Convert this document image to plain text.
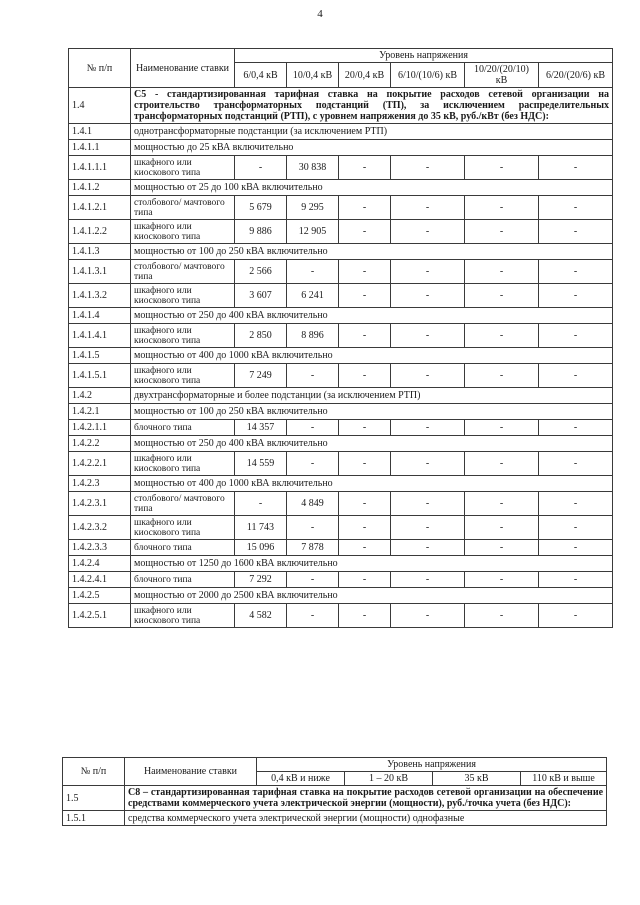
4
№ п/п	Наименование ставки	Уровень напряжения					
		6/0,4 кВ	10/0,4 кВ	20/0,4 кВ	6/10/(10/6) кВ	10/20/(20/10) кВ	6/20/(20/6) кВ
1.4	С5 - стандартизированная тарифная ставка на покрытие расходов сетевой организации на строительство трансформаторных подстанций (ТП), за исключением распределительных трансформаторных подстанций (РТП), с уровнем напряжения до 35 кВ, руб./кВт (без НДС):						
1.4.1	однотрансформаторные подстанции (за исключением РТП)						
1.4.1.1	мощностью до 25 кВА включительно						
1.4.1.1.1	шкафного или киоскового типа	-	30 838	-	-	-	-
1.4.1.2	мощностью от 25 до 100 кВА включительно						
1.4.1.2.1	столбового/ мачтового типа	5 679	9 295	-	-	-	-
1.4.1.2.2	шкафного или киоскового типа	9 886	12 905	-	-	-	-
1.4.1.3	мощностью от 100 до 250 кВА включительно						
1.4.1.3.1	столбового/ мачтового типа	2 566	-	-	-	-	-
1.4.1.3.2	шкафного или киоскового типа	3 607	6 241	-	-	-	-
1.4.1.4	мощностью от 250 до 400 кВА включительно						
1.4.1.4.1	шкафного или киоскового типа	2 850	8 896	-	-	-	-
1.4.1.5	мощностью от 400 до 1000 кВА включительно						
1.4.1.5.1	шкафного или киоскового типа	7 249	-	-	-	-	-
1.4.2	двухтрансформаторные и более подстанции (за исключением РТП)						
1.4.2.1	мощностью от 100 до 250 кВА включительно						
1.4.2.1.1	блочного типа	14 357	-	-	-	-	-
1.4.2.2	мощностью от 250 до 400 кВА включительно						
1.4.2.2.1	шкафного или киоскового типа	14 559	-	-	-	-	-
1.4.2.3	мощностью от 400 до 1000 кВА включительно						
1.4.2.3.1	столбового/ мачтового типа	-	4 849	-	-	-	-
1.4.2.3.2	шкафного или киоскового типа	11 743	-	-	-	-	-
1.4.2.3.3	блочного типа	15 096	7 878	-	-	-	-
1.4.2.4	мощностью от 1250 до 1600 кВА включительно						
1.4.2.4.1	блочного типа	7 292	-	-	-	-	-
1.4.2.5	мощностью от 2000 до 2500 кВА включительно						
1.4.2.5.1	шкафного или киоскового типа	4 582	-	-	-	-	-
№ п/п	Наименование ставки	Уровень напряжения			
		0,4 кВ и ниже	1 – 20 кВ	35 кВ	110 кВ и выше
1.5	С8 – стандартизированная тарифная ставка на покрытие расходов сетевой организации на обеспечение средствами коммерческого учета электрической энергии (мощности), руб./точка учета (без НДС):				
1.5.1	средства коммерческого учета электрической энергии (мощности) однофазные				
